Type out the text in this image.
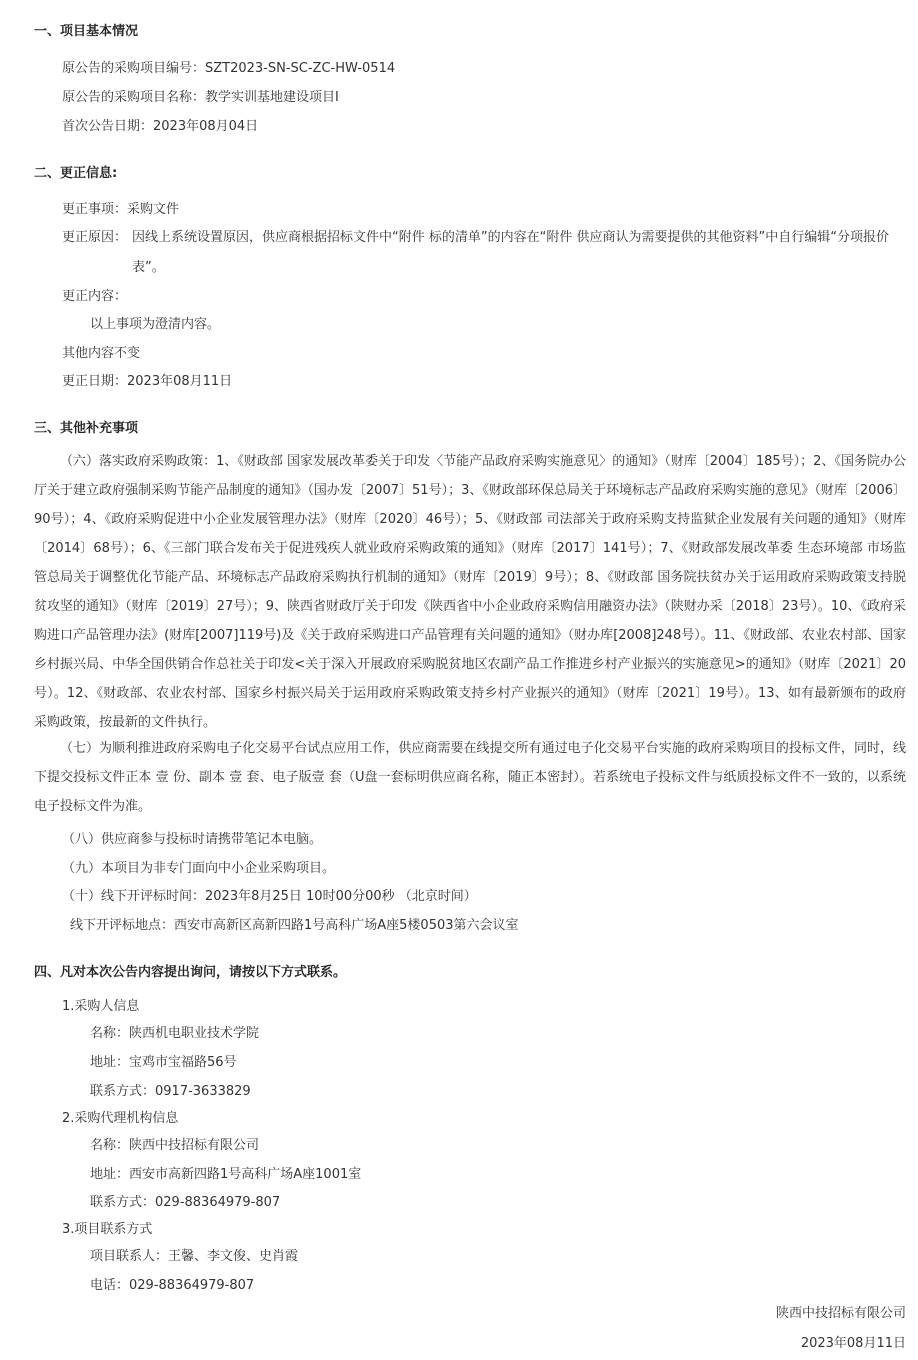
一、项目基本情况
原公告的采购项目编号：SZT2023-SN-SC-ZC-HW-0514
原公告的采购项目名称：教学实训基地建设项目Ⅰ
首次公告日期：2023年08月04日
二、更正信息:
更正事项：采购文件
更正原因： 因线上系统设置原因，供应商根据招标文件中“附件 标的清单”的内容在“附件 供应商认为需要提供的其他资料”中自行编辑“分项报价
表”。
更正内容：
以上事项为澄清内容。
其他内容不变
更正日期：2023年08月11日
三、其他补充事项
（六）落实政府采购政策：1、《财政部 国家发展改革委关于印发〈节能产品政府采购实施意见〉的通知》（财库〔2004〕185号）；2、《国务院办公厅关于建立政府强制采购节能产品制度的通知》（国办发〔2007〕51号）；3、《财政部环保总局关于环境标志产品政府采购实施的意见》（财库〔2006〕90号）；4、《政府采购促进中小企业发展管理办法》（财库〔2020〕46号）；5、《财政部 司法部关于政府采购支持监狱企业发展有关问题的通知》（财库〔2014〕68号）；6、《三部门联合发布关于促进残疾人就业政府采购政策的通知》（财库〔2017〕141号）；7、《财政部发展改革委 生态环境部 市场监管总局关于调整优化节能产品、环境标志产品政府采购执行机制的通知》（财库〔2019〕9号）；8、《财政部 国务院扶贫办关于运用政府采购政策支持脱贫攻坚的通知》（财库〔2019〕27号）；9、陕西省财政厅关于印发《陕西省中小企业政府采购信用融资办法》（陕财办采〔2018〕23号）。10、《政府采购进口产品管理办法》(财库[2007]119号)及《关于政府采购进口产品管理有关问题的通知》（财办库[2008]248号）。11、《财政部、农业农村部、国家乡村振兴局、中华全国供销合作总社关于印发<关于深入开展政府采购脱贫地区农副产品工作推进乡村产业振兴的实施意见>的通知》（财库〔2021〕20号）。12、《财政部、农业农村部、国家乡村振兴局关于运用政府采购政策支持乡村产业振兴的通知》（财库〔2021〕19号）。13、如有最新颁布的政府采购政策，按最新的文件执行。
（七）为顺利推进政府采购电子化交易平台试点应用工作，供应商需要在线提交所有通过电子化交易平台实施的政府采购项目的投标文件，同时，线下提交投标文件正本 壹 份、副本 壹 套、电子版壹 套（U盘一套标明供应商名称，随正本密封）。若系统电子投标文件与纸质投标文件不一致的，以系统电子投标文件为准。
（八）供应商参与投标时请携带笔记本电脑。
（九）本项目为非专门面向中小企业采购项目。
（十）线下开评标时间：2023年8月25日 10时00分00秒 （北京时间）
线下开评标地点：西安市高新区高新四路1号高科广场A座5楼0503第六会议室
四、凡对本次公告内容提出询问，请按以下方式联系。
1.采购人信息
名称：陕西机电职业技术学院
地址：宝鸡市宝福路56号
联系方式：0917-3633829
2.采购代理机构信息
名称：陕西中技招标有限公司
地址：西安市高新四路1号高科广场A座1001室
联系方式：029-88364979-807
3.项目联系方式
项目联系人：王馨、李文俊、史肖霞
电话：029-88364979-807
陕西中技招标有限公司
2023年08月11日
